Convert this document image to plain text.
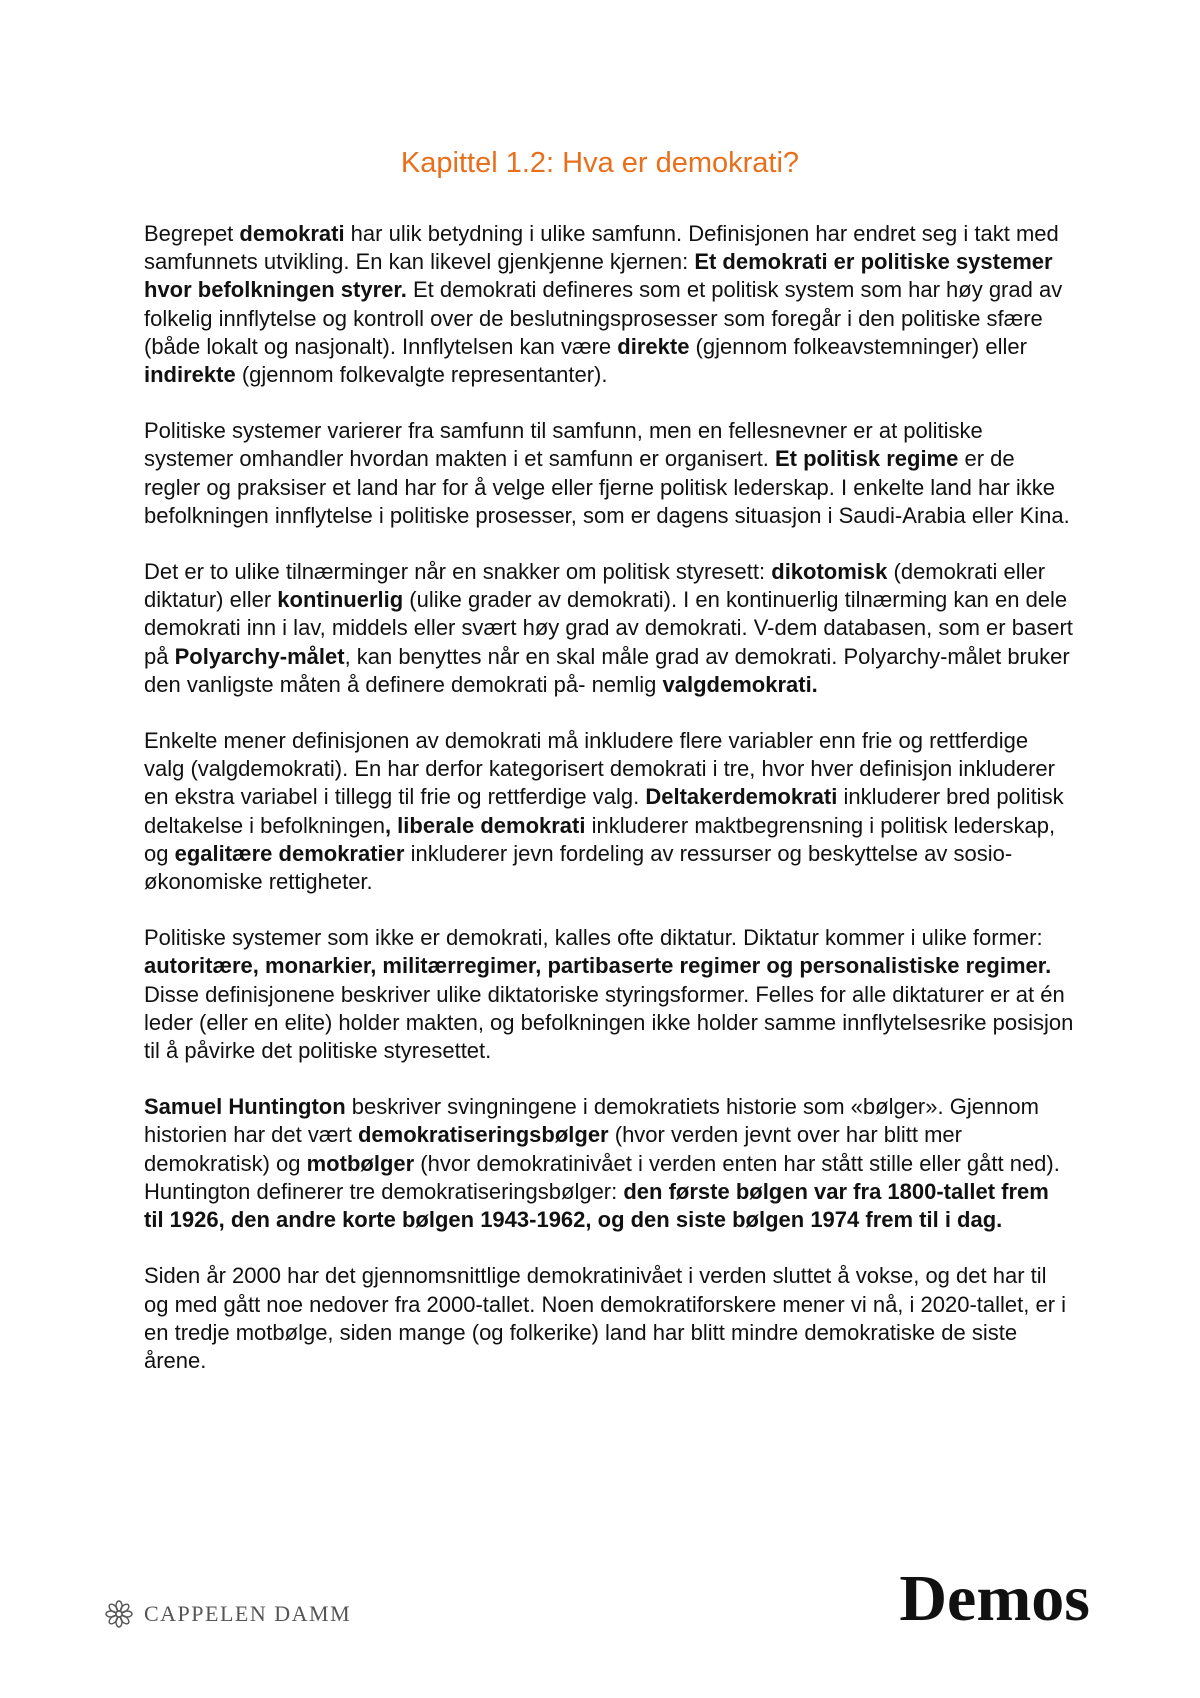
Kapittel 1.2: Hva er demokrati?

Begrepet demokrati har ulik betydning i ulike samfunn. Definisjonen har endret seg i takt med samfunnets utvikling. En kan likevel gjenkjenne kjernen: Et demokrati er politiske systemer hvor befolkningen styrer. Et demokrati defineres som et politisk system som har høy grad av folkelig innflytelse og kontroll over de beslutningsprosesser som foregår i den politiske sfære (både lokalt og nasjonalt). Innflytelsen kan være direkte (gjennom folkeavstemninger) eller indirekte (gjennom folkevalgte representanter).

Politiske systemer varierer fra samfunn til samfunn, men en fellesnevner er at politiske systemer omhandler hvordan makten i et samfunn er organisert. Et politisk regime er de regler og praksiser et land har for å velge eller fjerne politisk lederskap. I enkelte land har ikke befolkningen innflytelse i politiske prosesser, som er dagens situasjon i Saudi-Arabia eller Kina.

Det er to ulike tilnærminger når en snakker om politisk styresett: dikotomisk (demokrati eller diktatur) eller kontinuerlig (ulike grader av demokrati). I en kontinuerlig tilnærming kan en dele demokrati inn i lav, middels eller svært høy grad av demokrati. V-dem databasen, som er basert på Polyarchy-målet, kan benyttes når en skal måle grad av demokrati. Polyarchy-målet bruker den vanligste måten å definere demokrati på- nemlig valgdemokrati.

Enkelte mener definisjonen av demokrati må inkludere flere variabler enn frie og rettferdige valg (valgdemokrati). En har derfor kategorisert demokrati i tre, hvor hver definisjon inkluderer en ekstra variabel i tillegg til frie og rettferdige valg. Deltakerdemokrati inkluderer bred politisk deltakelse i befolkningen, liberale demokrati inkluderer maktbegrensning i politisk lederskap, og egalitære demokratier inkluderer jevn fordeling av ressurser og beskyttelse av sosio-økonomiske rettigheter.

Politiske systemer som ikke er demokrati, kalles ofte diktatur. Diktatur kommer i ulike former: autoritære, monarkier, militærregimer, partibaserte regimer og personalistiske regimer. Disse definisjonene beskriver ulike diktatoriske styringsformer. Felles for alle diktaturer er at én leder (eller en elite) holder makten, og befolkningen ikke holder samme innflytelsesrike posisjon til å påvirke det politiske styresettet.

Samuel Huntington beskriver svingningene i demokratiets historie som «bølger». Gjennom historien har det vært demokratiseringsbølger (hvor verden jevnt over har blitt mer demokratisk) og motbølger (hvor demokratinivået i verden enten har stått stille eller gått ned). Huntington definerer tre demokratiseringsbølger: den første bølgen var fra 1800-tallet frem til 1926, den andre korte bølgen 1943-1962, og den siste bølgen 1974 frem til i dag.

Siden år 2000 har det gjennomsnittlige demokratinivået i verden sluttet å vokse, og det har til og med gått noe nedover fra 2000-tallet. Noen demokratiforskere mener vi nå, i 2020-tallet, er i en tredje motbølge, siden mange (og folkerike) land har blitt mindre demokratiske de siste årene.

CAPPELEN DAMM	Demos
